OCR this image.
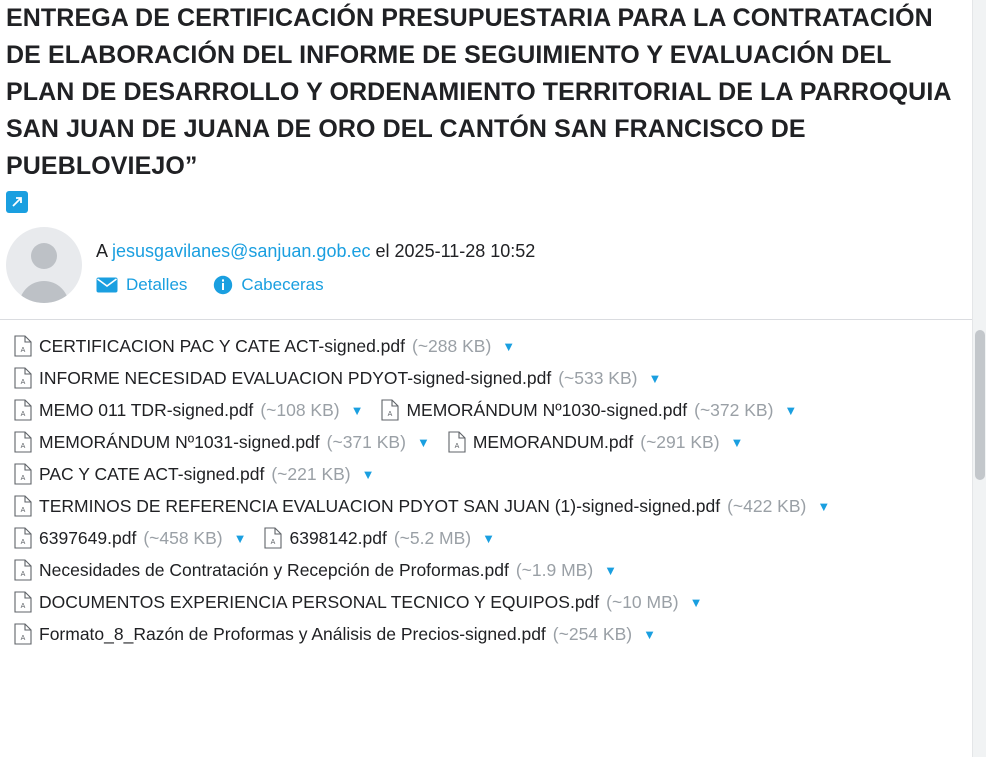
ENTREGA DE CERTIFICACIÓN PRESUPUESTARIA PARA LA CONTRATACIÓN DE ELABORACIÓN DEL INFORME DE SEGUIMIENTO Y EVALUACIÓN DEL PLAN DE DESARROLLO Y ORDENAMIENTO TERRITORIAL DE LA PARROQUIA SAN JUAN DE JUANA DE ORO DEL CANTÓN SAN FRANCISCO DE PUEBLOVIEJO”
A jesusgavilanes@sanjuan.gob.ec el 2025-11-28 10:52
Detalles	Cabeceras
A CERTIFICACION PAC Y CATE ACT-signed.pdf (~288 KB) ▼
A INFORME NECESIDAD EVALUACION PDYOT-signed-signed.pdf (~533 KB) ▼
A MEMO 011 TDR-signed.pdf (~108 KB) ▼	A MEMORÁNDUM Nº1030-signed.pdf (~372 KB) ▼
A MEMORÁNDUM Nº1031-signed.pdf (~371 KB) ▼	A MEMORANDUM.pdf (~291 KB) ▼
A PAC Y CATE ACT-signed.pdf (~221 KB) ▼
A TERMINOS DE REFERENCIA EVALUACION PDYOT SAN JUAN (1)-signed-signed.pdf (~422 KB) ▼
A 6397649.pdf (~458 KB) ▼	A 6398142.pdf (~5.2 MB) ▼
A Necesidades de Contratación y Recepción de Proformas.pdf (~1.9 MB) ▼
A DOCUMENTOS EXPERIENCIA PERSONAL TECNICO Y EQUIPOS.pdf (~10 MB) ▼
A Formato_8_Razón de Proformas y Análisis de Precios-signed.pdf (~254 KB) ▼
